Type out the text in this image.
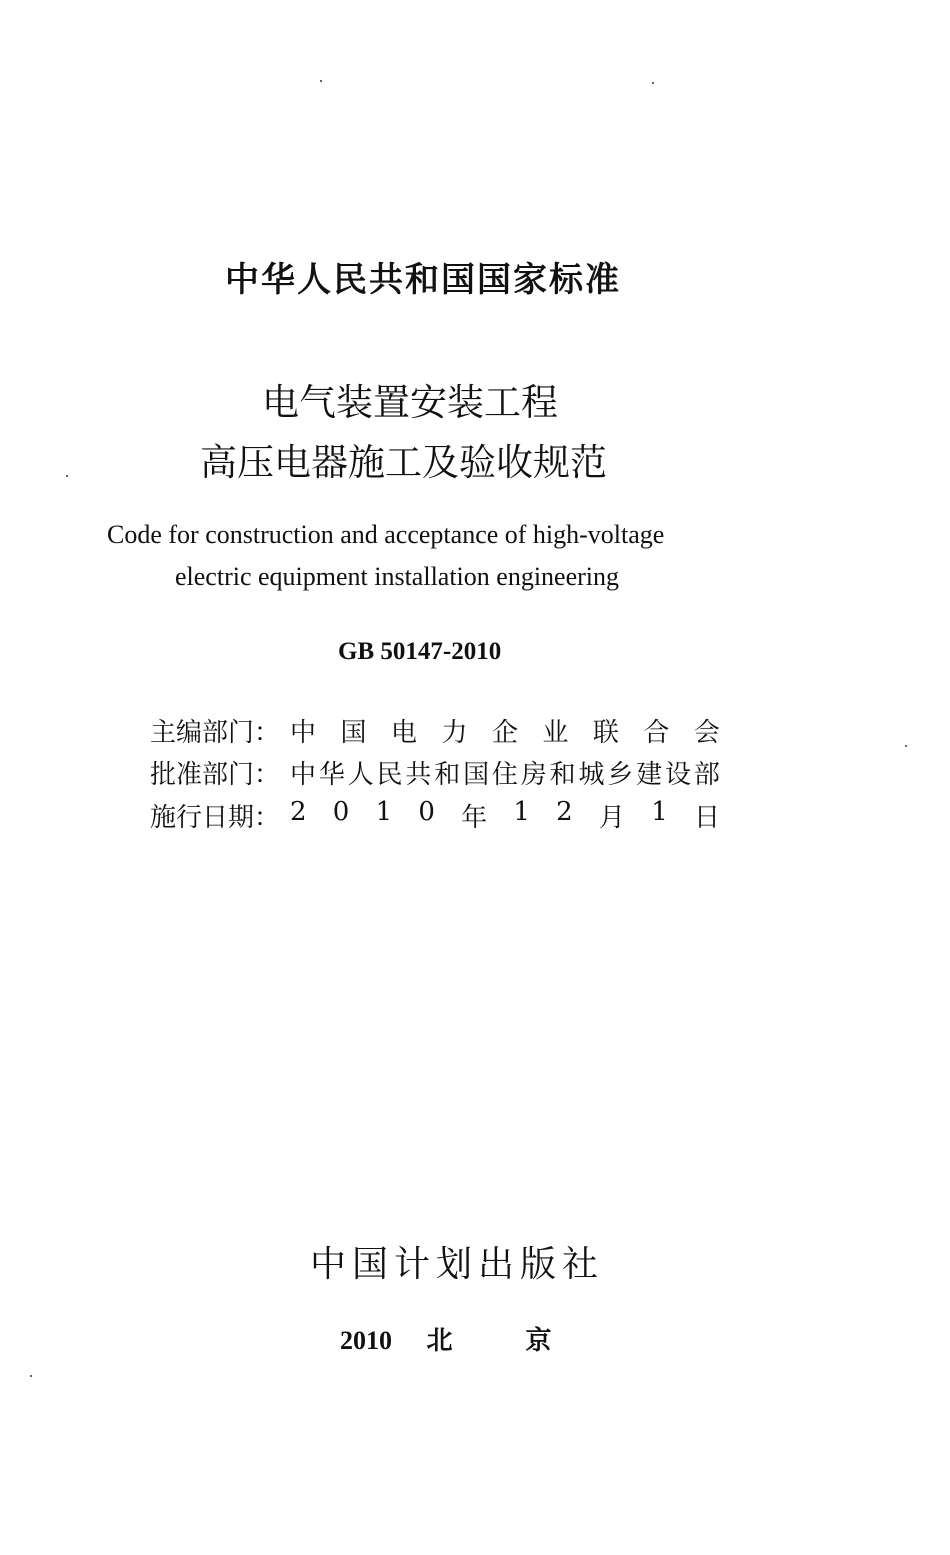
中华人民共和国国家标准
电气装置安装工程
高压电器施工及验收规范
Code for construction and acceptance of high-voltage
electric equipment installation engineering
GB 50147-2010
主编部门： 中 国 电 力 企 业 联 合 会
批准部门： 中 华 人 民 共 和 国 住 房 和 城 乡 建 设 部
施行日期： 2 0 1 0 年 1 2 月 1 日
中国计划出版社
2010 北  京
